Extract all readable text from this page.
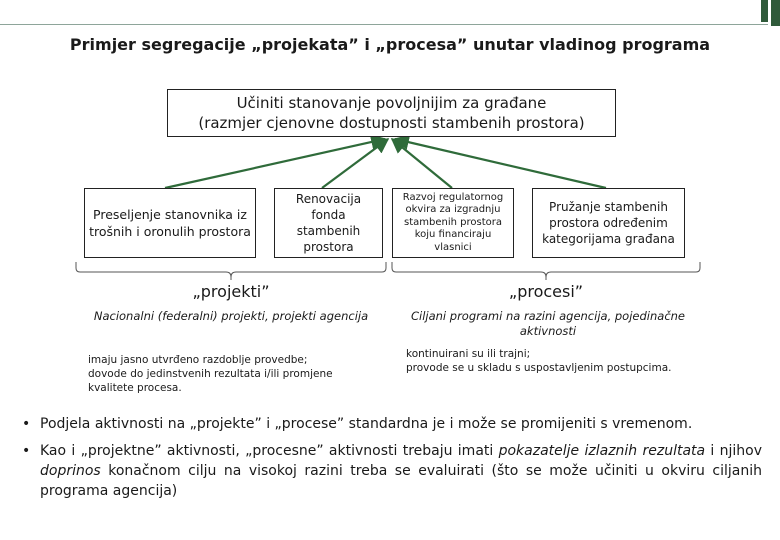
Primjer segregacije „projekata” i „procesa” unutar vladinog programa
Učiniti stanovanje povoljnijim za građane
(razmjer cjenovne dostupnosti stambenih prostora)
Preseljenje stanovnika iz trošnih i oronulih prostora
Renovacija fonda stambenih prostora
Razvoj regulatornog okvira za izgradnju stambenih prostora koju financiraju vlasnici
Pružanje stambenih prostora određenim kategorijama građana
„projekti”	„procesi”
Nacionalni (federalni) projekti, projekti agencija	Ciljani programi na razini agencija, pojedinačne
aktivnosti
imaju jasno utvrđeno razdoblje provedbe;
dovode do jedinstvenih rezultata i/ili promjene
kvalitete procesa.
kontinuirani su ili trajni;
provode se u skladu s uspostavljenim postupcima.
• Podjela aktivnosti na „projekte” i „procese” standardna je i može se promijeniti s vremenom.
• Kao i „projektne” aktivnosti, „procesne” aktivnosti trebaju imati pokazatelje izlaznih rezultata i njihov doprinos konačnom cilju na visokoj razini treba se evaluirati (što se može učiniti u okviru ciljanih programa agencija)
